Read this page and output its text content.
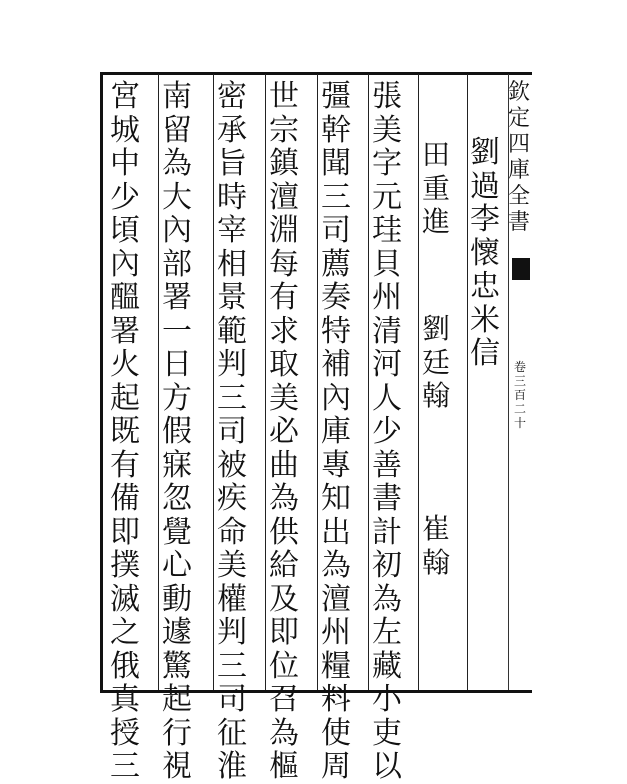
劉
過
李
懷
忠
米
信
田
重
進
劉
廷
翰
崔
翰
張
美
字
元
珪
貝
州
清
河
人
少
善
書
計
初
為
左
藏
小
吏
以
彊
幹
聞
三
司
薦
奏
特
補
內
庫
專
知
出
為
澶
州
糧
料
使
周
世
宗
鎮
澶
淵
每
有
求
取
美
必
曲
為
供
給
及
即
位
召
為
樞
密
承
旨
時
宰
相
景
範
判
三
司
被
疾
命
美
權
判
三
司
征
淮
南
留
為
大
內
部
署
一
日
方
假
寐
忽
覺
心
動
遽
驚
起
行
視
宮
城
中
少
頃
內
醞
署
火
起
既
有
備
即
撲
滅
之
俄
真
授
三
欽
定
四
庫
全
書
卷
三
百
二
十
